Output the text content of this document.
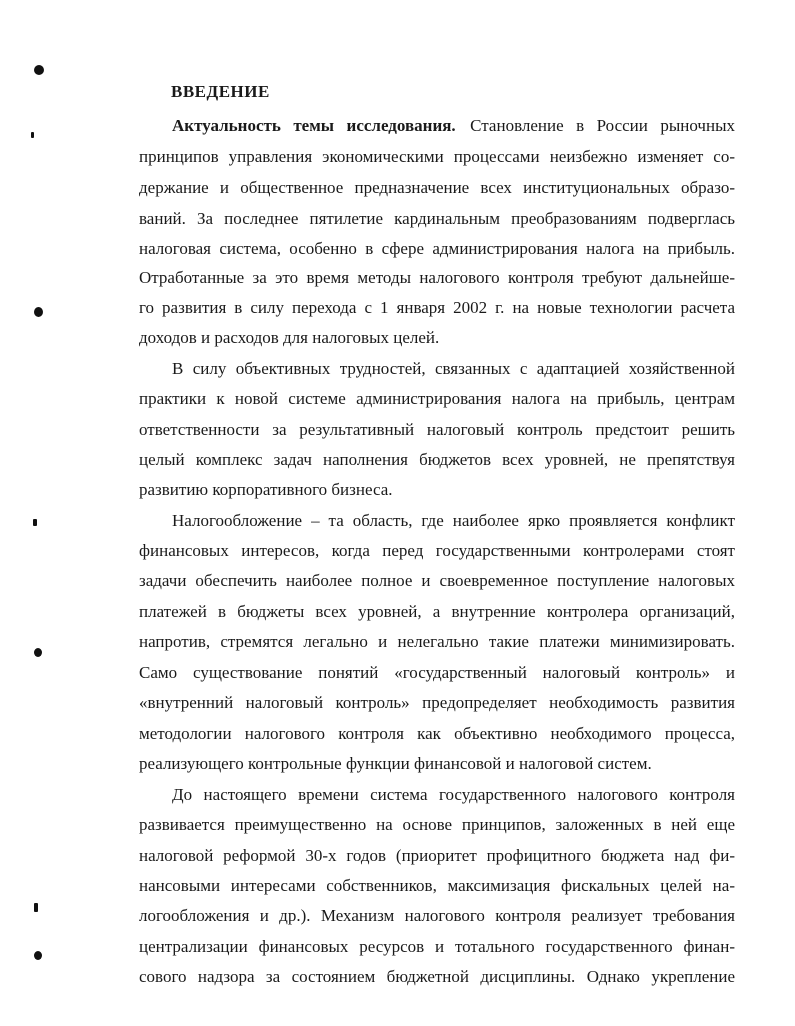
ВВЕДЕНИЕ
Актуальность темы исследования. Становление в России рыночных
принципов управления экономическими процессами неизбежно изменяет со-
держание и общественное предназначение всех институциональных образо-
ваний. За последнее пятилетие кардинальным преобразованиям подверглась
налоговая система, особенно в сфере администрирования налога на прибыль.
Отработанные за это время методы налогового контроля требуют дальнейше-
го развития в силу перехода с 1 января 2002 г. на новые технологии расчета
доходов и расходов для налоговых целей.
В силу объективных трудностей, связанных с адаптацией хозяйственной
практики к новой системе администрирования налога на прибыль, центрам
ответственности за результативный налоговый контроль предстоит решить
целый комплекс задач наполнения бюджетов всех уровней, не препятствуя
развитию корпоративного бизнеса.
Налогообложение – та область, где наиболее ярко проявляется конфликт
финансовых интересов, когда перед государственными контролерами стоят
задачи обеспечить наиболее полное и своевременное поступление налоговых
платежей в бюджеты всех уровней, а внутренние контролера организаций,
напротив, стремятся легально и нелегально такие платежи минимизировать.
Само существование понятий «государственный налоговый контроль» и
«внутренний налоговый контроль» предопределяет необходимость развития
методологии налогового контроля как объективно необходимого процесса,
реализующего контрольные функции финансовой и налоговой систем.
До настоящего времени система государственного налогового контроля
развивается преимущественно на основе принципов, заложенных в ней еще
налоговой реформой 30-х годов (приоритет профицитного бюджета над фи-
нансовыми интересами собственников, максимизация фискальных целей на-
логообложения и др.). Механизм налогового контроля реализует требования
централизации финансовых ресурсов и тотального государственного финан-
сового надзора за состоянием бюджетной дисциплины. Однако укрепление
